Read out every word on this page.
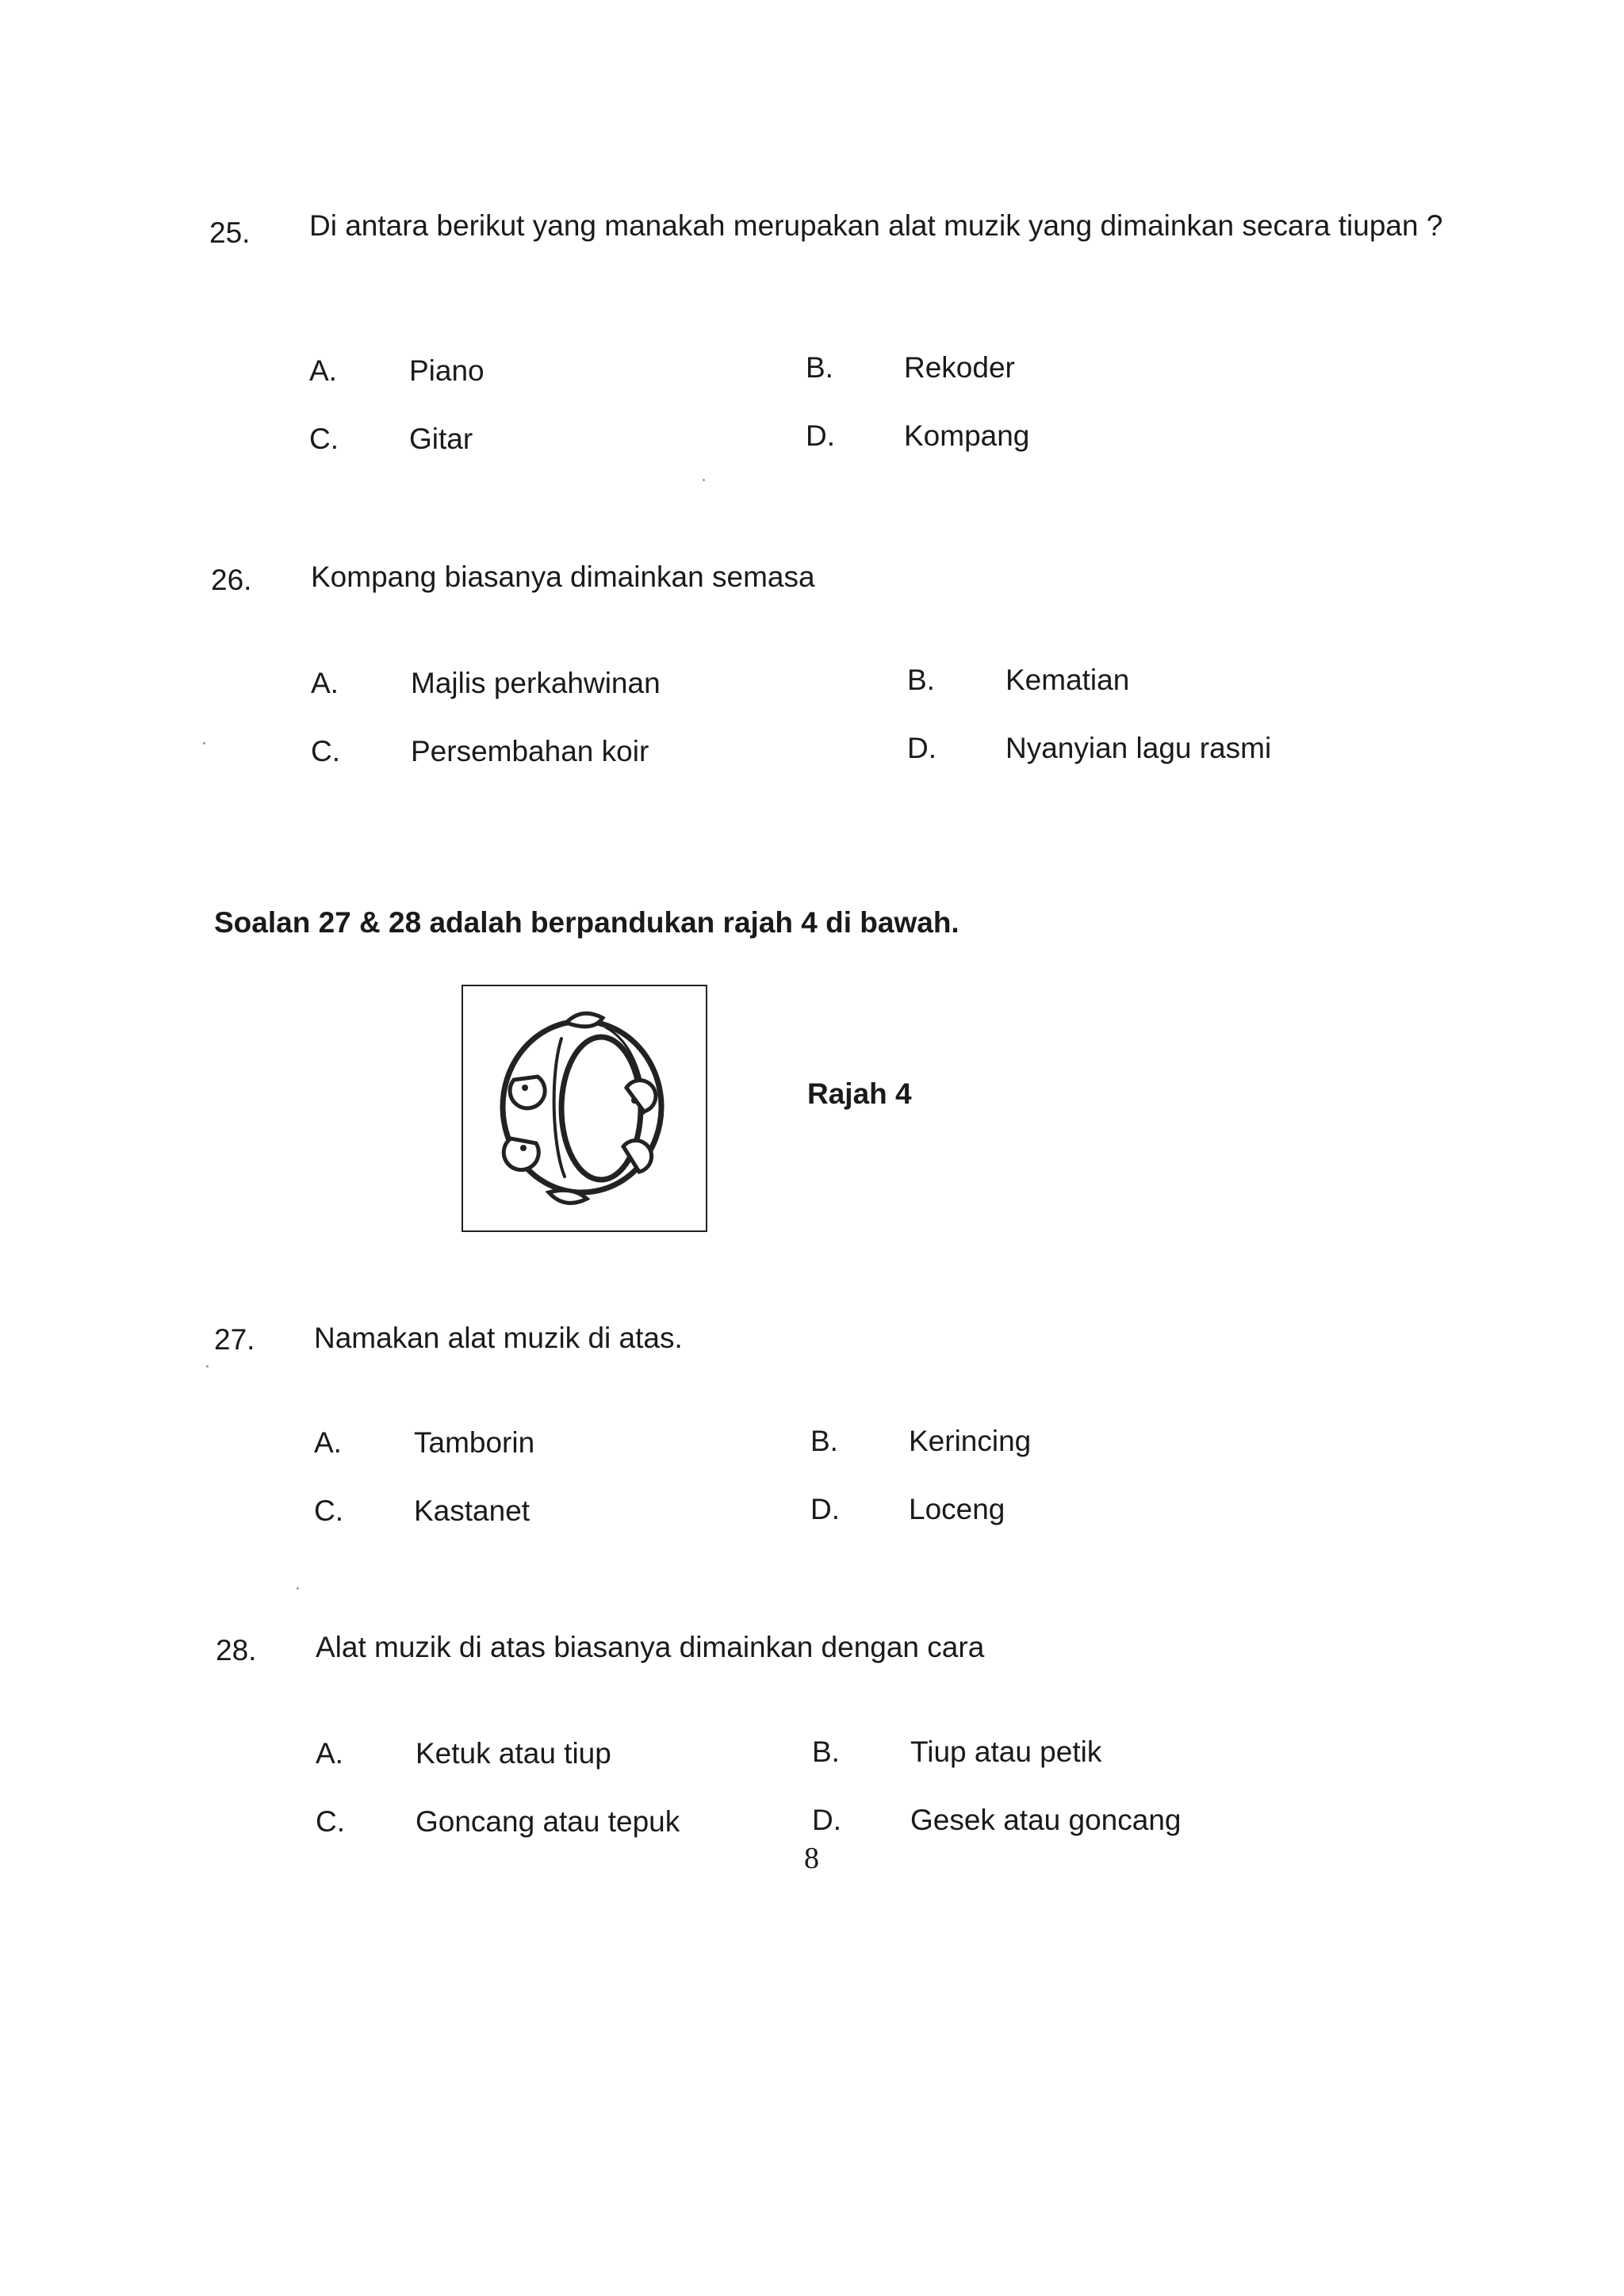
25. Di antara berikut yang manakah merupakan alat muzik yang dimainkan secara tiupan ?
A. Piano	B. Rekoder
C. Gitar	D. Kompang
26. Kompang biasanya dimainkan semasa
A. Majlis perkahwinan	B. Kematian
C. Persembahan koir	D. Nyanyian lagu rasmi
Soalan 27 & 28 adalah berpandukan rajah 4 di bawah.
Rajah 4
27. Namakan alat muzik di atas.
A. Tamborin	B. Kerincing
C. Kastanet	D. Loceng
28. Alat muzik di atas biasanya dimainkan dengan cara
A. Ketuk atau tiup	B. Tiup atau petik
C. Goncang atau tepuk	D. Gesek atau goncang
8
